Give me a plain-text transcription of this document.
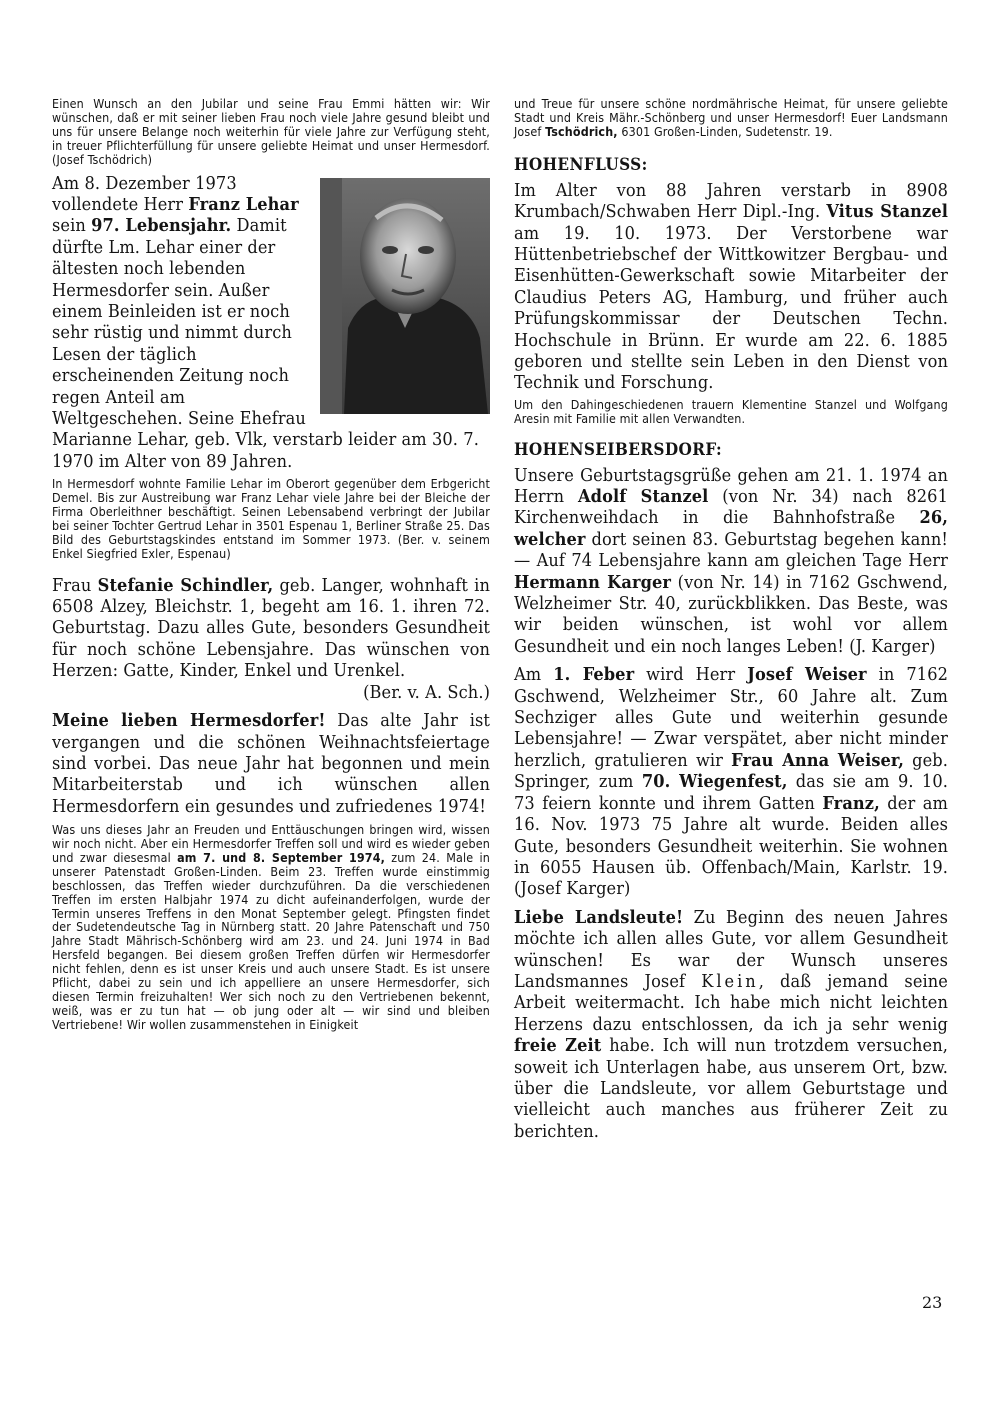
Einen Wunsch an den Jubilar und seine Frau Emmi hätten wir: Wir wünschen, daß er mit seiner lieben Frau noch viele Jahre gesund bleibt und uns für unsere Belange noch weiterhin für viele Jahre zur Verfügung steht, in treuer Pflichterfüllung für unsere geliebte Heimat und unser Hermesdorf. (Josef Tschödrich)

Am 8. Dezember 1973 vollendete Herr Franz Lehar sein 97. Lebensjahr. Damit dürfte Lm. Lehar einer der ältesten noch lebenden Hermesdorfer sein. Außer einem Beinleiden ist er noch sehr rüstig und nimmt durch Lesen der täglich erscheinenden Zeitung noch regen Anteil am Weltgeschehen. Seine Ehefrau Marianne Lehar, geb. Vlk, verstarb leider am 30. 7. 1970 im Alter von 89 Jahren.

In Hermesdorf wohnte Familie Lehar im Oberort gegenüber dem Erbgericht Demel. Bis zur Austreibung war Franz Lehar viele Jahre bei der Bleiche der Firma Oberleithner beschäftigt. Seinen Lebensabend verbringt der Jubilar bei seiner Tochter Gertrud Lehar in 3501 Espenau 1, Berliner Straße 25. Das Bild des Geburtstagskindes entstand im Sommer 1973. (Ber. v. seinem Enkel Siegfried Exler, Espenau)

Frau Stefanie Schindler, geb. Langer, wohnhaft in 6508 Alzey, Bleichstr. 1, begeht am 16. 1. ihren 72. Geburtstag. Dazu alles Gute, besonders Gesundheit für noch schöne Lebensjahre. Das wünschen von Herzen: Gatte, Kinder, Enkel und Urenkel.

(Ber. v. A. Sch.)

Meine lieben Hermesdorfer! Das alte Jahr ist vergangen und die schönen Weihnachtsfeiertage sind vorbei. Das neue Jahr hat begonnen und mein Mitarbeiterstab und ich wünschen allen Hermesdorfern ein gesundes und zufriedenes 1974!

Was uns dieses Jahr an Freuden und Enttäuschungen bringen wird, wissen wir noch nicht. Aber ein Hermesdorfer Treffen soll und wird es wieder geben und zwar diesesmal am 7. und 8. September 1974, zum 24. Male in unserer Patenstadt Großen-Linden. Beim 23. Treffen wurde einstimmig beschlossen, das Treffen wieder durchzuführen. Da die verschiedenen Treffen im ersten Halbjahr 1974 zu dicht aufeinanderfolgen, wurde der Termin unseres Treffens in den Monat September gelegt. Pfingsten findet der Sudetendeutsche Tag in Nürnberg statt. 20 Jahre Patenschaft und 750 Jahre Stadt Mährisch-Schönberg wird am 23. und 24. Juni 1974 in Bad Hersfeld begangen. Bei diesem großen Treffen dürfen wir Hermesdorfer nicht fehlen, denn es ist unser Kreis und auch unsere Stadt. Es ist unsere Pflicht, dabei zu sein und ich appelliere an unsere Hermesdorfer, sich diesen Termin freizuhalten! Wer sich noch zu den Vertriebenen bekennt, weiß, was er zu tun hat — ob jung oder alt — wir sind und bleiben Vertriebene! Wir wollen zusammenstehen in Einigkeit

und Treue für unsere schöne nordmährische Heimat, für unsere geliebte Stadt und Kreis Mähr.-Schönberg und unser Hermesdorf! Euer Landsmann Josef Tschödrich, 6301 Großen-Linden, Sudetenstr. 19.

HOHENFLUSS:

Im Alter von 88 Jahren verstarb in 8908 Krumbach/Schwaben Herr Dipl.-Ing. Vitus Stanzel am 19. 10. 1973. Der Verstorbene war Hüttenbetriebschef der Wittkowitzer Bergbau- und Eisenhütten-Gewerkschaft sowie Mitarbeiter der Claudius Peters AG, Hamburg, und früher auch Prüfungskommissar der Deutschen Techn. Hochschule in Brünn. Er wurde am 22. 6. 1885 geboren und stellte sein Leben in den Dienst von Technik und Forschung.

Um den Dahingeschiedenen trauern Klementine Stanzel und Wolfgang Aresin mit Familie mit allen Verwandten.

HOHENSEIBERSDORF:

Unsere Geburtstagsgrüße gehen am 21. 1. 1974 an Herrn Adolf Stanzel (von Nr. 34) nach 8261 Kirchenweihdach in die Bahnhofstraße 26, welcher dort seinen 83. Geburtstag begehen kann! — Auf 74 Lebensjahre kann am gleichen Tage Herr Hermann Karger (von Nr. 14) in 7162 Gschwend, Welzheimer Str. 40, zurückblikken. Das Beste, was wir beiden wünschen, ist wohl vor allem Gesundheit und ein noch langes Leben! (J. Karger)

Am 1. Feber wird Herr Josef Weiser in 7162 Gschwend, Welzheimer Str., 60 Jahre alt. Zum Sechziger alles Gute und weiterhin gesunde Lebensjahre! — Zwar verspätet, aber nicht minder herzlich, gratulieren wir Frau Anna Weiser, geb. Springer, zum 70. Wiegenfest, das sie am 9. 10. 73 feiern konnte und ihrem Gatten Franz, der am 16. Nov. 1973 75 Jahre alt wurde. Beiden alles Gute, besonders Gesundheit weiterhin. Sie wohnen in 6055 Hausen üb. Offenbach/Main, Karlstr. 19. (Josef Karger)

Liebe Landsleute! Zu Beginn des neuen Jahres möchte ich allen alles Gute, vor allem Gesundheit wünschen! Es war der Wunsch unseres Landsmannes Josef Klein, daß jemand seine Arbeit weitermacht. Ich habe mich nicht leichten Herzens dazu entschlossen, da ich ja sehr wenig freie Zeit habe. Ich will nun trotzdem versuchen, soweit ich Unterlagen habe, aus unserem Ort, bzw. über die Landsleute, vor allem Geburtstage und vielleicht auch manches aus früherer Zeit zu berichten.

23
